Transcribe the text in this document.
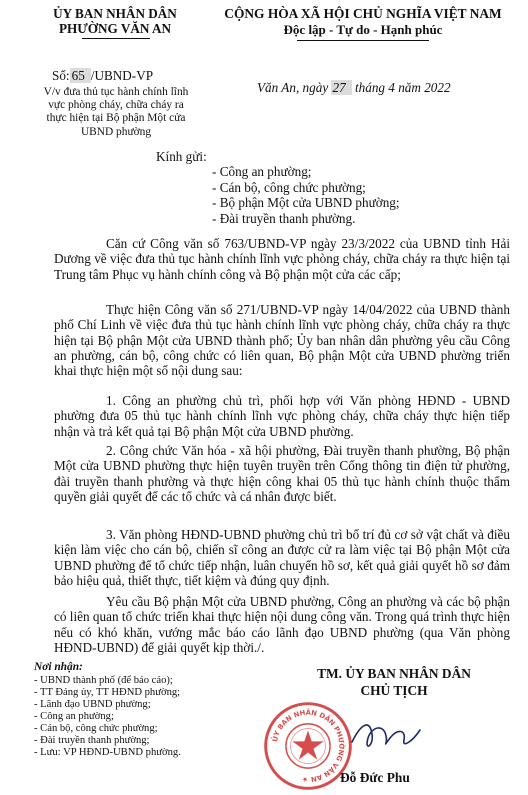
ỦY BAN NHÂN DÂN
PHƯỜNG VĂN AN
Số: 65 /UBND-VP
V/v đưa thủ tục hành chính lĩnh vực phòng cháy, chữa cháy ra thực hiện tại Bộ phận Một cửa UBND phường
CỘNG HÒA XÃ HỘI CHỦ NGHĨA VIỆT NAM
Độc lập - Tự do - Hạnh phúc
Văn An, ngày 27 tháng 4 năm 2022
Kính gửi:
- Công an phường;
- Cán bộ, công chức phường;
- Bộ phận Một cửa UBND phường;
- Đài truyền thanh phường.
Căn cứ Công văn số 763/UBND-VP ngày 23/3/2022 của UBND tỉnh Hải Dương về việc đưa thủ tục hành chính lĩnh vực phòng cháy, chữa cháy ra thực hiện tại Trung tâm Phục vụ hành chính công và Bộ phận một cửa các cấp;
Thực hiện Công văn số 271/UBND-VP ngày 14/04/2022 của UBND thành phố Chí Linh về việc đưa thủ tục hành chính lĩnh vực phòng cháy, chữa cháy ra thực hiện tại Bộ phận Một cửa UBND thành phố; Ủy ban nhân dân phường yêu cầu Công an phường, cán bộ, công chức có liên quan, Bộ phận Một cửa UBND phường triển khai thực hiện một số nội dung sau:
1. Công an phường chủ trì, phối hợp với Văn phòng HĐND - UBND phường đưa 05 thủ tục hành chính lĩnh vực phòng cháy, chữa cháy thực hiện tiếp nhận và trả kết quả tại Bộ phận Một cửa UBND phường.
2. Công chức Văn hóa - xã hội phường, Đài truyền thanh phường, Bộ phận Một cửa UBND phường thực hiện tuyên truyền trên Cổng thông tin điện tử phường, đài truyền thanh phường và thực hiện công khai 05 thủ tục hành chính thuộc thẩm quyền giải quyết để các tổ chức và cá nhân được biết.
3. Văn phòng HĐND-UBND phường chủ trì bố trí đủ cơ sở vật chất và điều kiện làm việc cho cán bộ, chiến sĩ công an được cử ra làm việc tại Bộ phận Một cửa UBND phường để tổ chức tiếp nhận, luân chuyển hồ sơ, kết quả giải quyết hồ sơ đảm bảo hiệu quả, thiết thực, tiết kiệm và đúng quy định.
Yêu cầu Bộ phận Một cửa UBND phường, Công an phường và các bộ phận có liên quan tổ chức triển khai thực hiện nội dung công văn. Trong quá trình thực hiện nếu có khó khăn, vướng mắc báo cáo lãnh đạo UBND phường (qua Văn phòng HĐND-UBND) để giải quyết kịp thời./.
Nơi nhận:
- UBND thành phố (để báo cáo);
- TT Đảng ủy, TT HĐND phường;
- Lãnh đạo UBND phường;
- Công an phường;
- Cán bộ, công chức phường;
- Đài truyền thanh phường;
- Lưu: VP HĐND-UBND phường.
TM. ỦY BAN NHÂN DÂN
CHỦ TỊCH
ỦY BAN NHÂN DÂN PHƯỜNG VĂN AN ★	Đỗ Đức Phu
